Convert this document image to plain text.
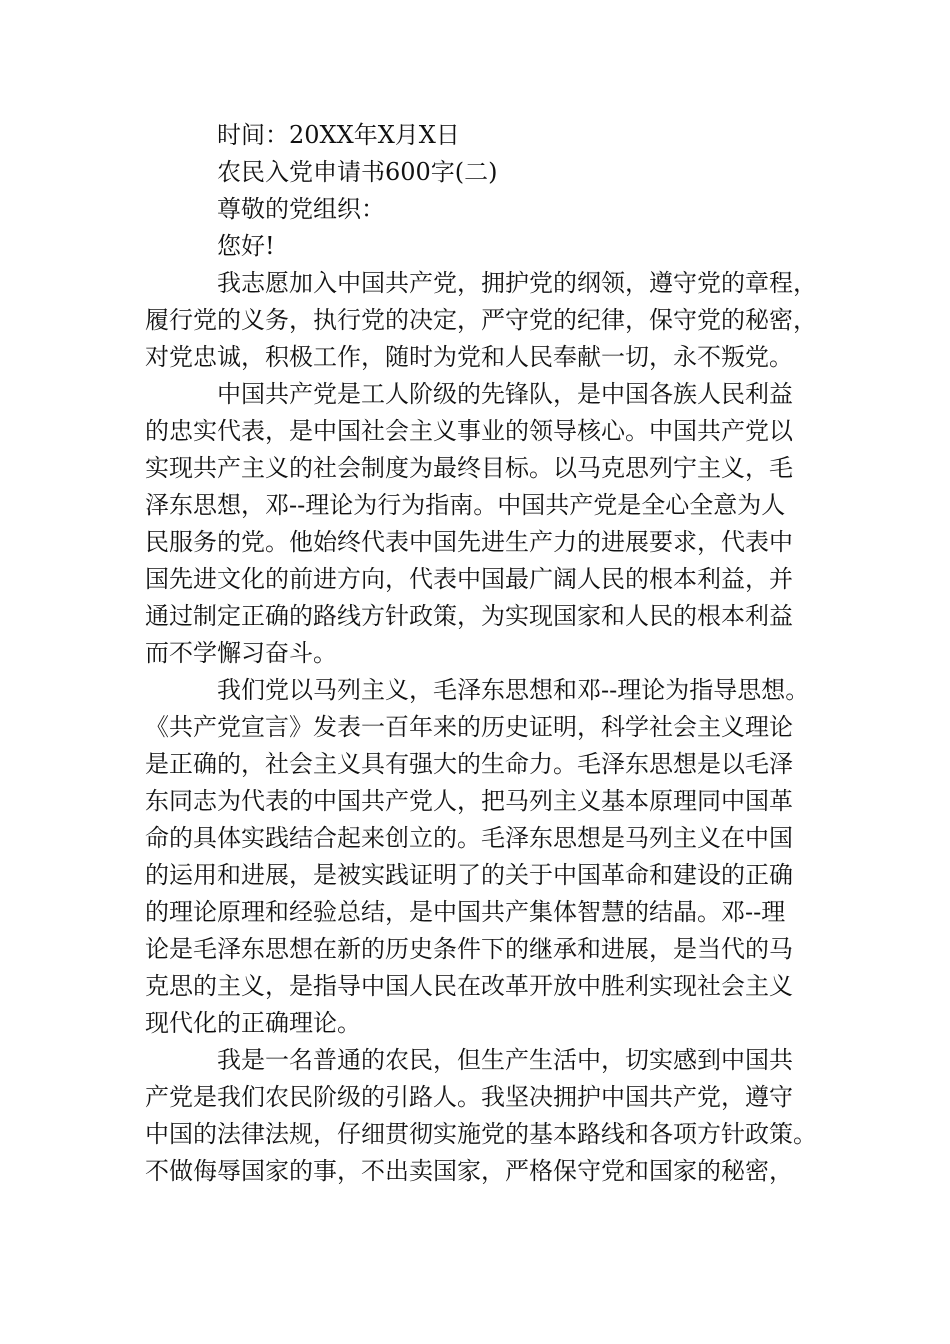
时间：20XX年X月X日
农民入党申请书600字(二)
尊敬的党组织：
您好!
我志愿加入中国共产党，拥护党的纲领，遵守党的章程，
履行党的义务，执行党的决定，严守党的纪律，保守党的秘密，
对党忠诚，积极工作，随时为党和人民奉献一切，永不叛党。
中国共产党是工人阶级的先锋队，是中国各族人民利益
的忠实代表，是中国社会主义事业的领导核心。中国共产党以
实现共产主义的社会制度为最终目标。以马克思列宁主义，毛
泽东思想，邓--理论为行为指南。中国共产党是全心全意为人
民服务的党。他始终代表中国先进生产力的进展要求，代表中
国先进文化的前进方向，代表中国最广阔人民的根本利益，并
通过制定正确的路线方针政策，为实现国家和人民的根本利益
而不学懈习奋斗。
我们党以马列主义，毛泽东思想和邓--理论为指导思想。
《共产党宣言》发表一百年来的历史证明，科学社会主义理论
是正确的，社会主义具有强大的生命力。毛泽东思想是以毛泽
东同志为代表的中国共产党人，把马列主义基本原理同中国革
命的具体实践结合起来创立的。毛泽东思想是马列主义在中国
的运用和进展，是被实践证明了的关于中国革命和建设的正确
的理论原理和经验总结，是中国共产集体智慧的结晶。邓--理
论是毛泽东思想在新的历史条件下的继承和进展，是当代的马
克思的主义，是指导中国人民在改革开放中胜利实现社会主义
现代化的正确理论。
我是一名普通的农民，但生产生活中，切实感到中国共
产党是我们农民阶级的引路人。我坚决拥护中国共产党，遵守
中国的法律法规，仔细贯彻实施党的基本路线和各项方针政策。
不做侮辱国家的事，不出卖国家，严格保守党和国家的秘密，
